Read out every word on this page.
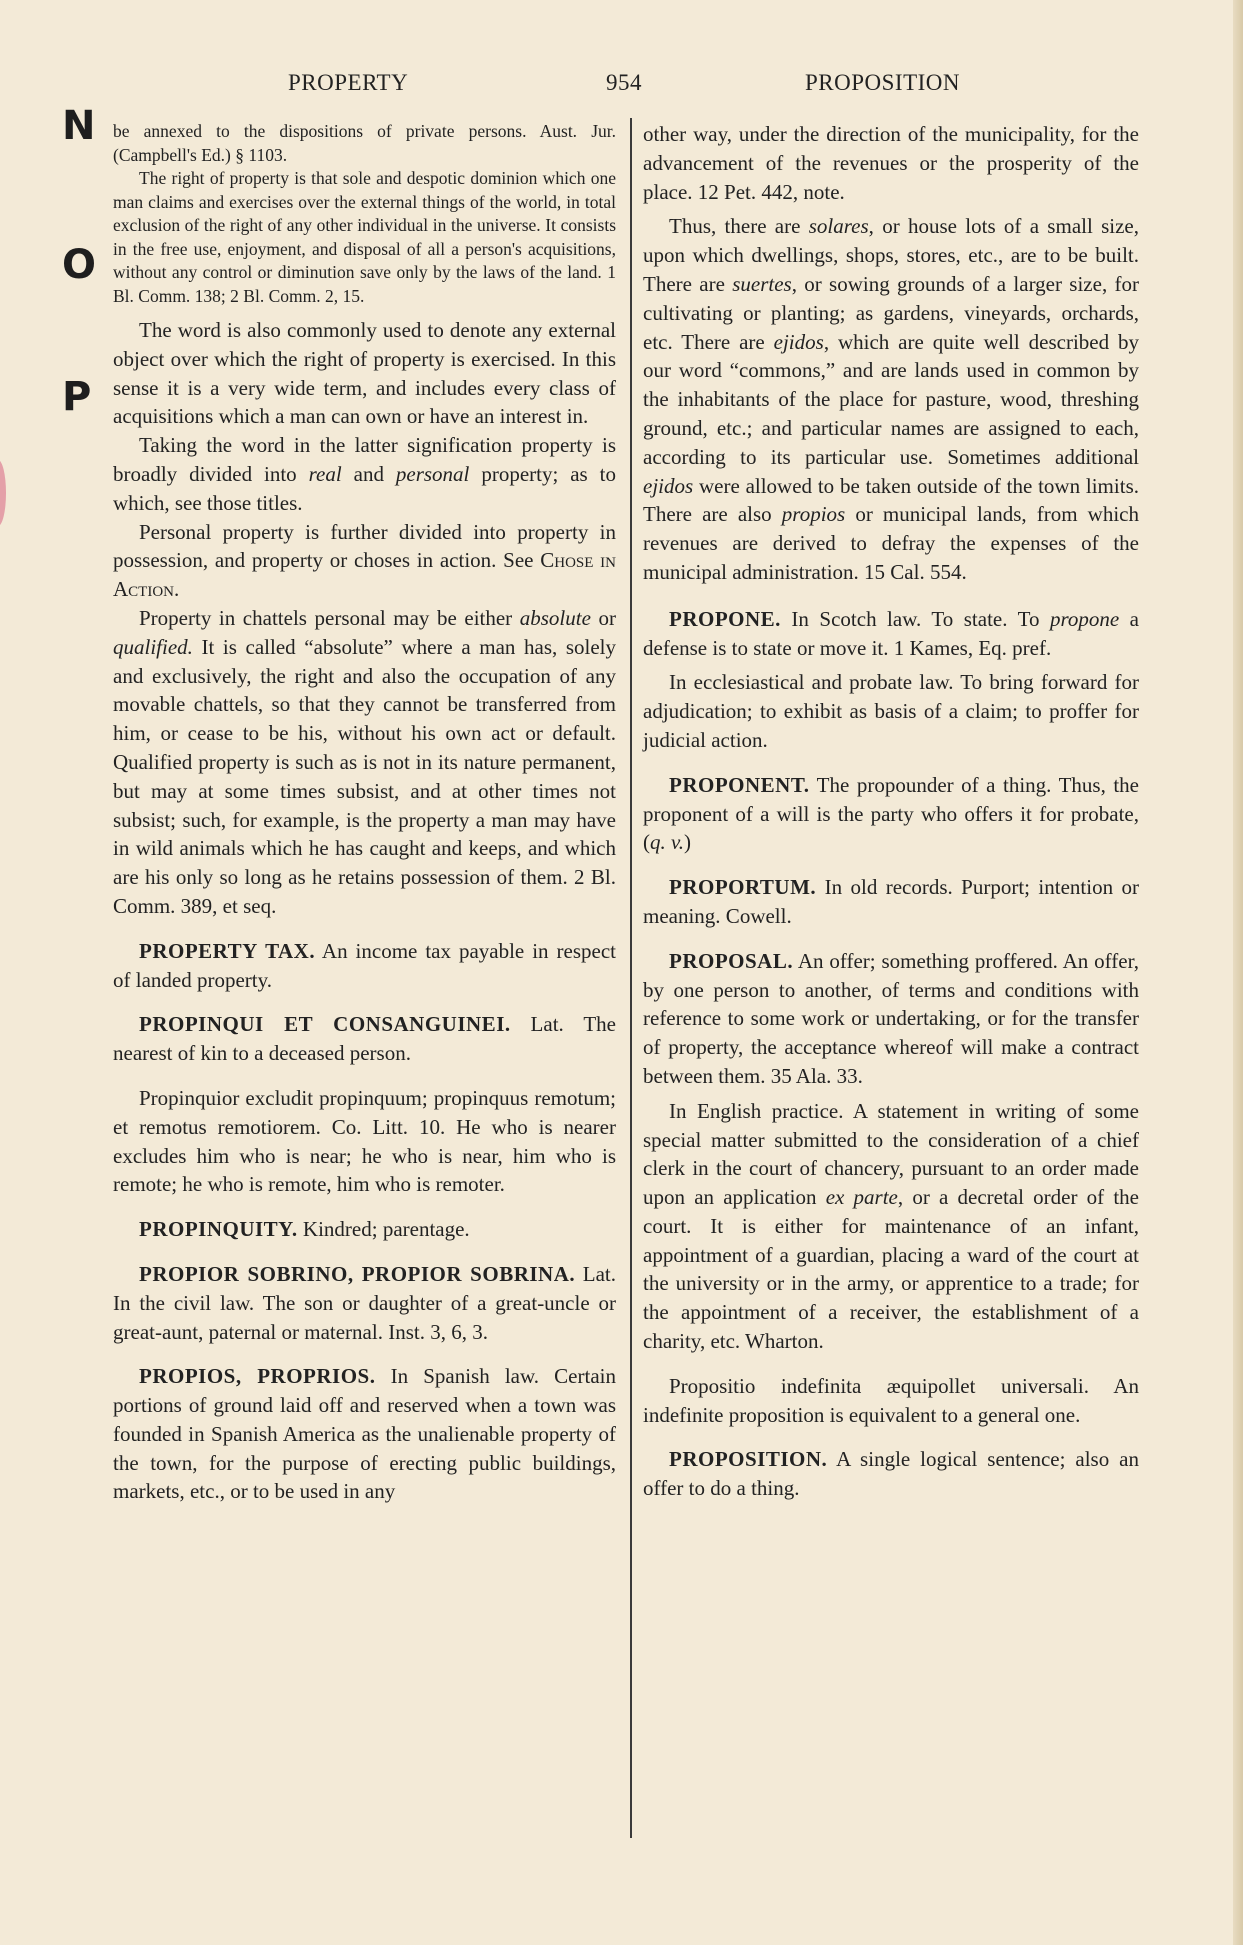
PROPERTY	954	PROPOSITION
N
O
P

be annexed to the dispositions of private persons. Aust. Jur. (Campbell's Ed.) § 1103.

The right of property is that sole and despotic dominion which one man claims and exercises over the external things of the world, in total exclusion of the right of any other individual in the universe. It consists in the free use, enjoyment, and disposal of all a person's acquisitions, without any control or diminution save only by the laws of the land. 1 Bl. Comm. 138; 2 Bl. Comm. 2, 15.

The word is also commonly used to denote any external object over which the right of property is exercised. In this sense it is a very wide term, and includes every class of acquisitions which a man can own or have an interest in.

Taking the word in the latter signification property is broadly divided into real and personal property; as to which, see those titles.

Personal property is further divided into property in possession, and property or choses in action. See Chose in Action.

Property in chattels personal may be either absolute or qualified. It is called “absolute” where a man has, solely and exclusively, the right and also the occupation of any movable chattels, so that they cannot be transferred from him, or cease to be his, without his own act or default. Qualified property is such as is not in its nature permanent, but may at some times subsist, and at other times not subsist; such, for example, is the property a man may have in wild animals which he has caught and keeps, and which are his only so long as he retains possession of them. 2 Bl. Comm. 389, et seq.

PROPERTY TAX. An income tax payable in respect of landed property.

PROPINQUI ET CONSANGUINEI. Lat. The nearest of kin to a deceased person.

Propinquior excludit propinquum; propinquus remotum; et remotus remotiorem. Co. Litt. 10. He who is nearer excludes him who is near; he who is near, him who is remote; he who is remote, him who is remoter.

PROPINQUITY. Kindred; parentage.

PROPIOR SOBRINO, PROPIOR SOBRINA. Lat. In the civil law. The son or daughter of a great-uncle or great-aunt, paternal or maternal. Inst. 3, 6, 3.

PROPIOS, PROPRIOS. In Spanish law. Certain portions of ground laid off and reserved when a town was founded in Spanish America as the unalienable property of the town, for the purpose of erecting public buildings, markets, etc., or to be used in any

other way, under the direction of the municipality, for the advancement of the revenues or the prosperity of the place. 12 Pet. 442, note.

Thus, there are solares, or house lots of a small size, upon which dwellings, shops, stores, etc., are to be built. There are suertes, or sowing grounds of a larger size, for cultivating or planting; as gardens, vineyards, orchards, etc. There are ejidos, which are quite well described by our word “commons,” and are lands used in common by the inhabitants of the place for pasture, wood, threshing ground, etc.; and particular names are assigned to each, according to its particular use. Sometimes additional ejidos were allowed to be taken outside of the town limits. There are also propios or municipal lands, from which revenues are derived to defray the expenses of the municipal administration. 15 Cal. 554.

PROPONE. In Scotch law. To state. To propone a defense is to state or move it. 1 Kames, Eq. pref.

In ecclesiastical and probate law. To bring forward for adjudication; to exhibit as basis of a claim; to proffer for judicial action.

PROPONENT. The propounder of a thing. Thus, the proponent of a will is the party who offers it for probate, (q. v.)

PROPORTUM. In old records. Purport; intention or meaning. Cowell.

PROPOSAL. An offer; something proffered. An offer, by one person to another, of terms and conditions with reference to some work or undertaking, or for the transfer of property, the acceptance whereof will make a contract between them. 35 Ala. 33.

In English practice. A statement in writing of some special matter submitted to the consideration of a chief clerk in the court of chancery, pursuant to an order made upon an application ex parte, or a decretal order of the court. It is either for maintenance of an infant, appointment of a guardian, placing a ward of the court at the university or in the army, or apprentice to a trade; for the appointment of a receiver, the establishment of a charity, etc. Wharton.

Propositio indefinita æquipollet universali. An indefinite proposition is equivalent to a general one.

PROPOSITION. A single logical sentence; also an offer to do a thing.
